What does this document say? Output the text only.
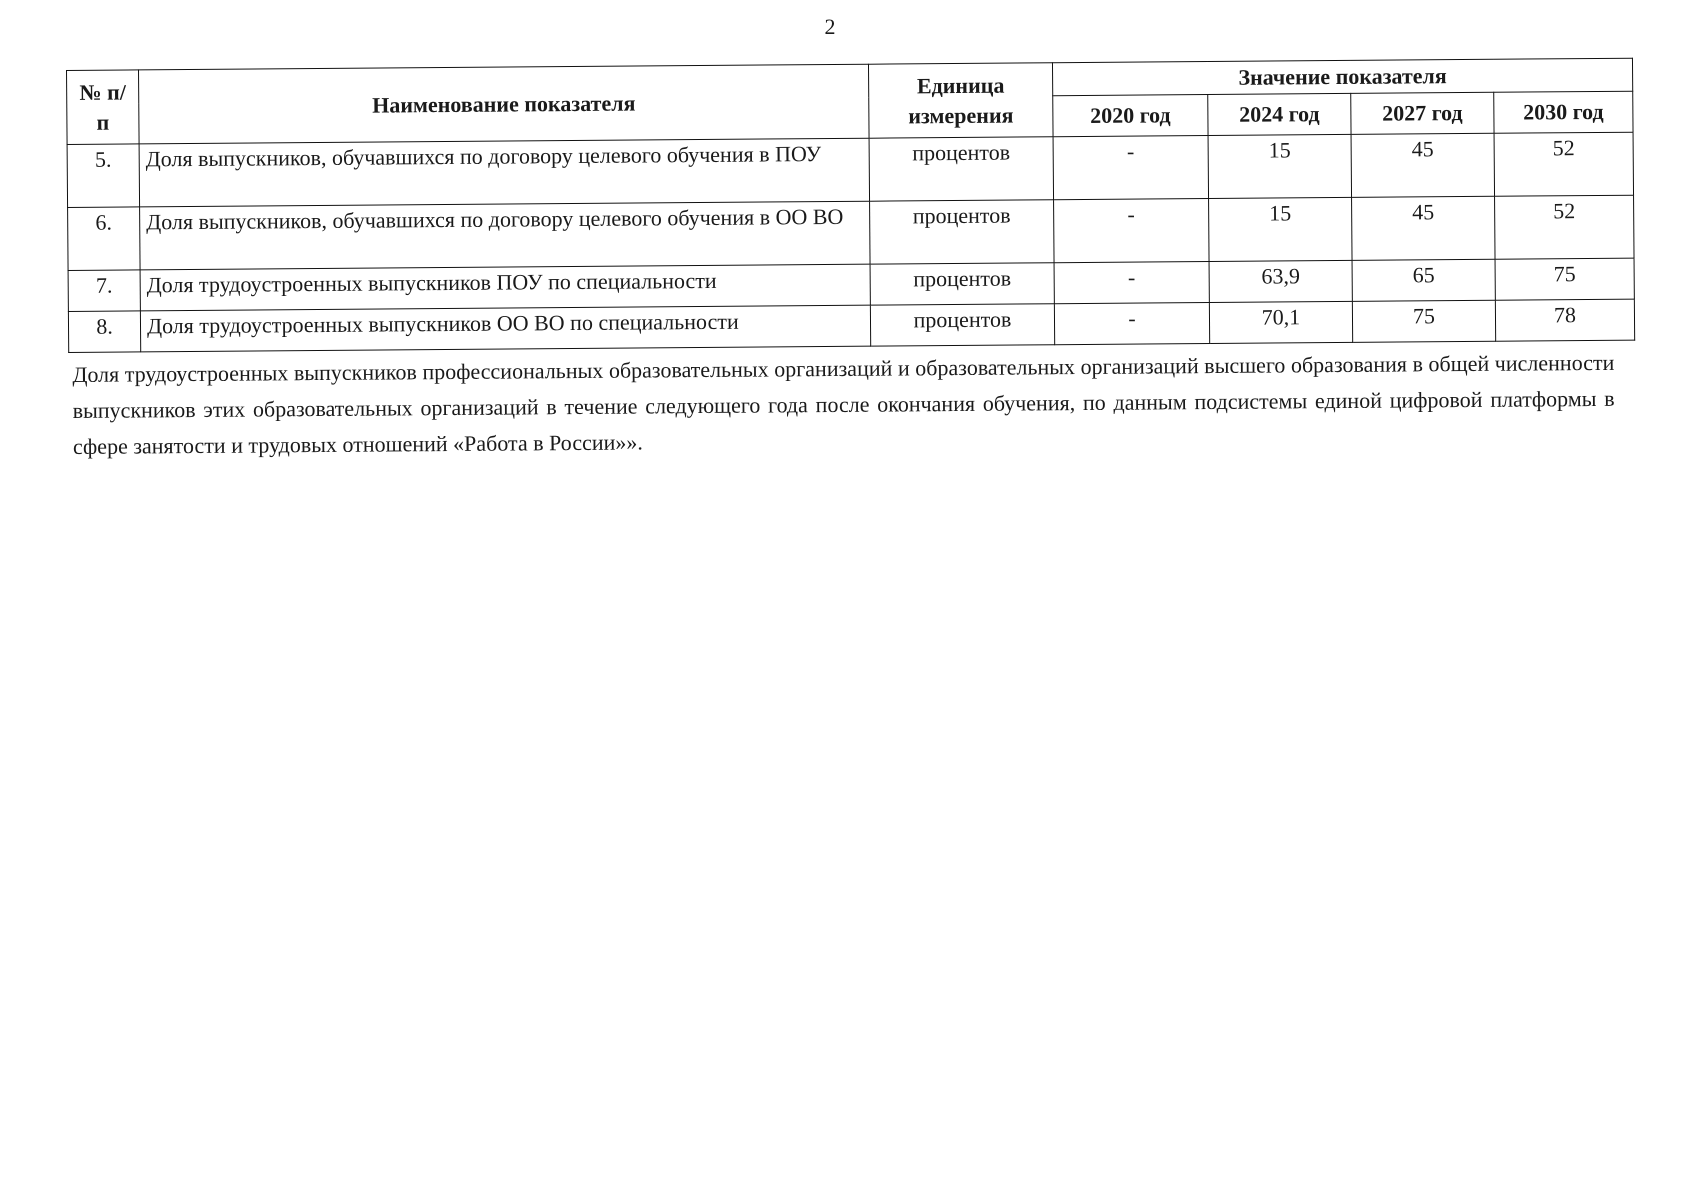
2
№ п/п	Наименование показателя	Единица измерения	Значение показателя			
			2020 год	2024 год	2027 год	2030 год
5.	Доля выпускников, обучавшихся по договору целевого обучения в ПОУ	процентов	-	15	45	52
6.	Доля выпускников, обучавшихся по договору целевого обучения в ОО ВО	процентов	-	15	45	52
7.	Доля трудоустроенных выпускников ПОУ по специальности	процентов	-	63,9	65	75
8.	Доля трудоустроенных выпускников ОО ВО по специальности	процентов	-	70,1	75	78

Доля трудоустроенных выпускников профессиональных образовательных организаций и образовательных организаций высшего образования в общей численности выпускников этих образовательных организаций в течение следующего года после окончания обучения, по данным подсистемы единой цифровой платформы в сфере занятости и трудовых отношений «Работа в России»».
